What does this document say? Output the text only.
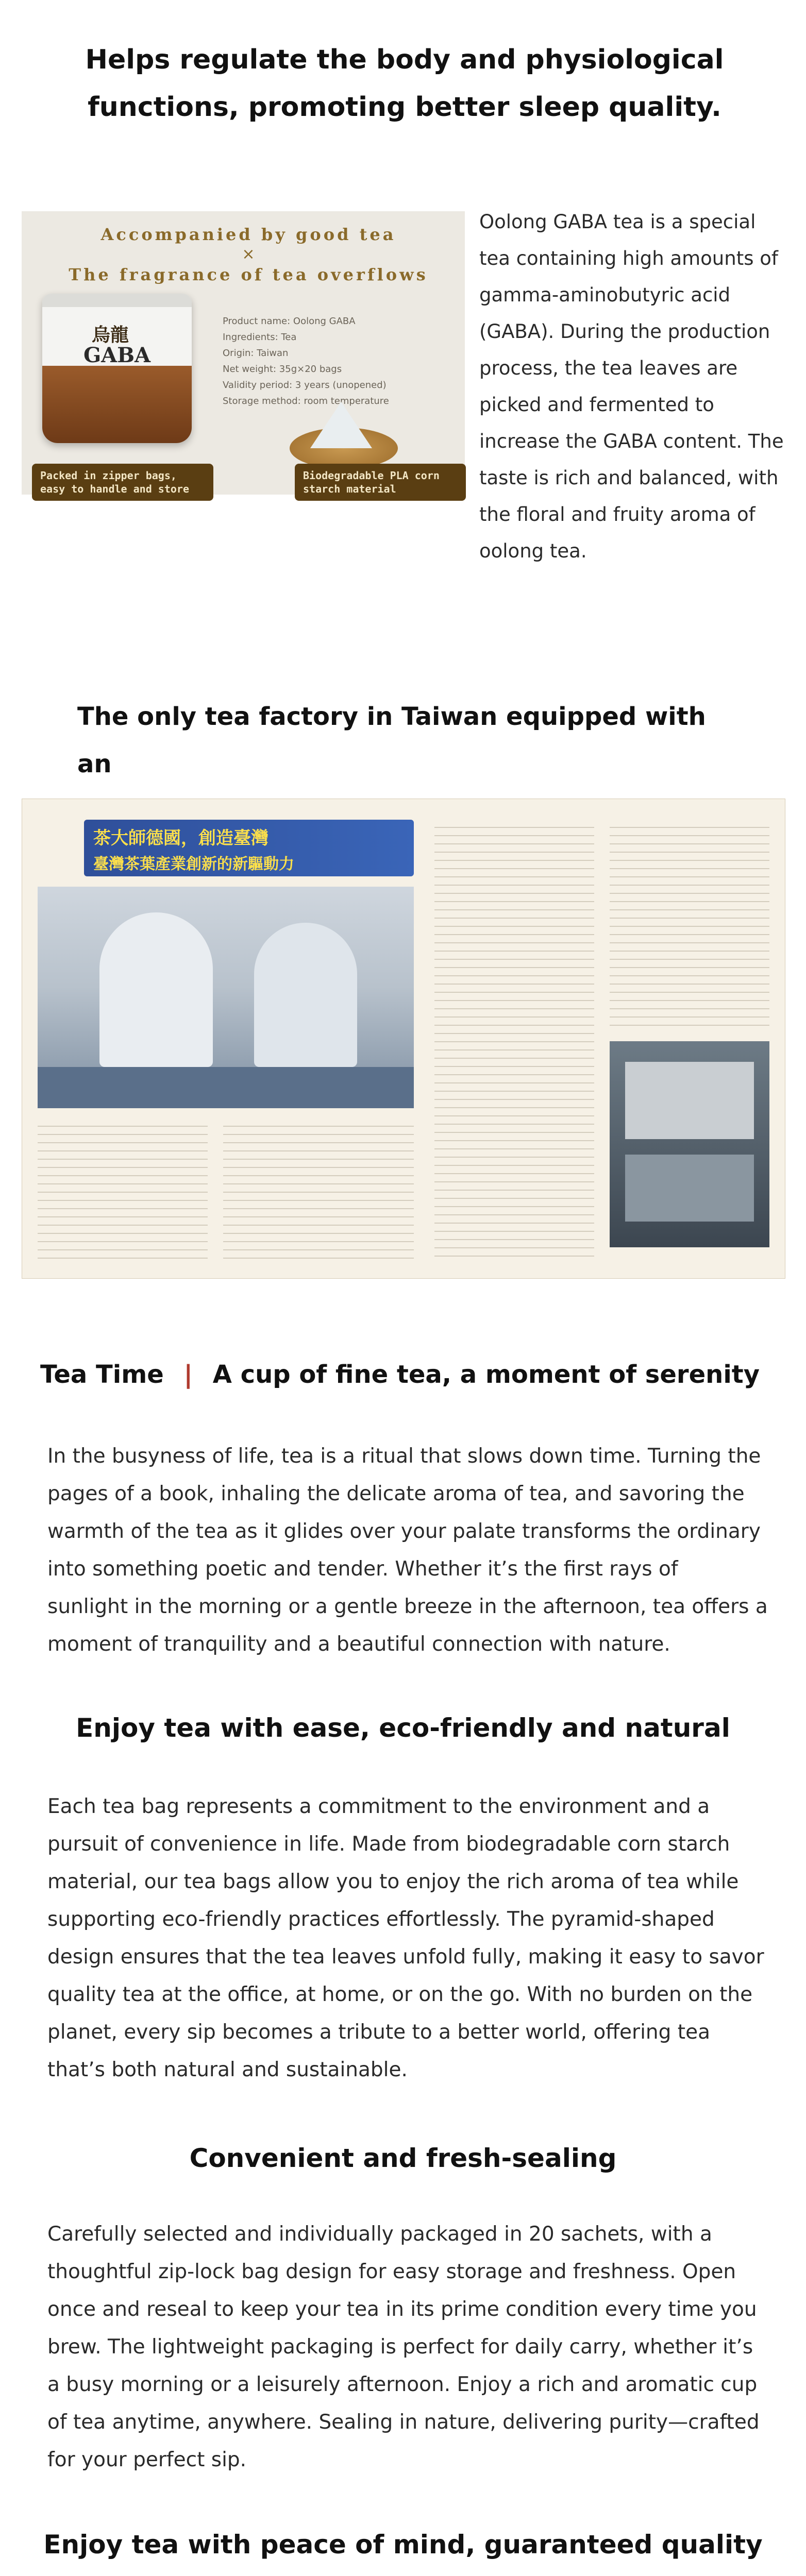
Helps regulate the body and physiological
functions, promoting better sleep quality.
Accompanied by good tea
×
The fragrance of tea overflows
烏龍
GABA
Product name: Oolong GABA
Ingredients: Tea
Origin: Taiwan
Net weight: 35g×20 bags
Validity period: 3 years (unopened)
Storage method: room temperature
Packed in zipper bags,
easy to handle and store
Biodegradable PLA corn
starch material
Oolong GABA tea is a special
tea containing high amounts of
gamma-aminobutyric acid
(GABA). During the production
process, the tea leaves are
picked and fermented to
increase the GABA content. The
taste is rich and balanced, with
the floral and fruity aroma of
oolong tea.
The only tea factory in Taiwan equipped with an
茶大師德國，創造臺灣
臺灣茶葉產業創新的新驅動力
Tea Time | A cup of fine tea, a moment of serenity
In the busyness of life, tea is a ritual that slows down time. Turning the
pages of a book, inhaling the delicate aroma of tea, and savoring the
warmth of the tea as it glides over your palate transforms the ordinary
into something poetic and tender. Whether it’s the first rays of
sunlight in the morning or a gentle breeze in the afternoon, tea offers a
moment of tranquility and a beautiful connection with nature.
Enjoy tea with ease, eco-friendly and natural
Each tea bag represents a commitment to the environment and a
pursuit of convenience in life. Made from biodegradable corn starch
material, our tea bags allow you to enjoy the rich aroma of tea while
supporting eco-friendly practices effortlessly. The pyramid-shaped
design ensures that the tea leaves unfold fully, making it easy to savor
quality tea at the office, at home, or on the go. With no burden on the
planet, every sip becomes a tribute to a better world, offering tea
that’s both natural and sustainable.
Convenient and fresh-sealing
Carefully selected and individually packaged in 20 sachets, with a
thoughtful zip-lock bag design for easy storage and freshness. Open
once and reseal to keep your tea in its prime condition every time you
brew. The lightweight packaging is perfect for daily carry, whether it’s
a busy morning or a leisurely afternoon. Enjoy a rich and aromatic cup
of tea anytime, anywhere. Sealing in nature, delivering purity—crafted
for your perfect sip.
Enjoy tea with peace of mind, guaranteed quality
